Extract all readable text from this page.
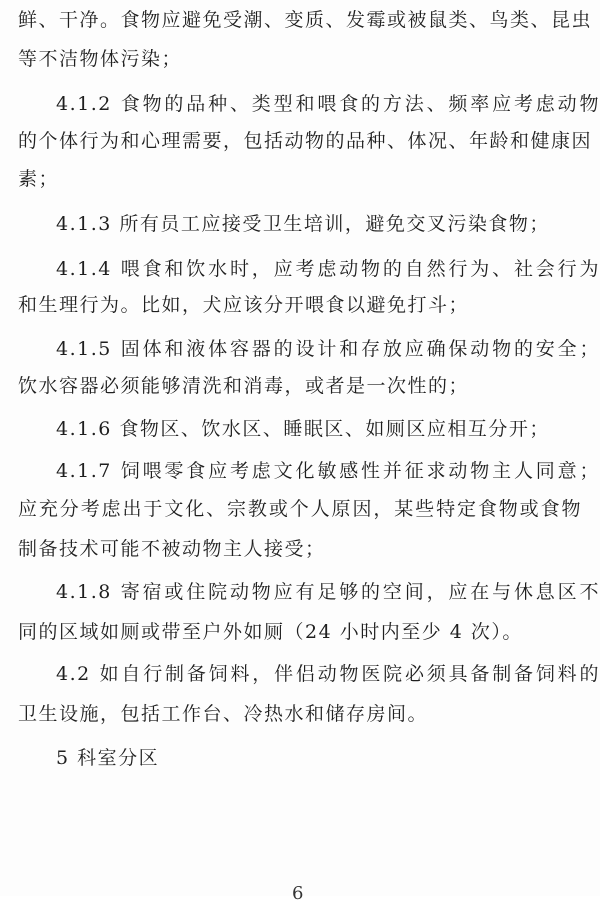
鲜、干净。食物应避免受潮、变质、发霉或被鼠类、鸟类、昆虫
等不洁物体污染；
4.1.2 食物的品种、类型和喂食的方法、频率应考虑动物
的个体行为和心理需要，包括动物的品种、体况、年龄和健康因
素；
4.1.3 所有员工应接受卫生培训，避免交叉污染食物；
4.1.4 喂食和饮水时，应考虑动物的自然行为、社会行为
和生理行为。比如，犬应该分开喂食以避免打斗；
4.1.5 固体和液体容器的设计和存放应确保动物的安全；
饮水容器必须能够清洗和消毒，或者是一次性的；
4.1.6 食物区、饮水区、睡眠区、如厕区应相互分开；
4.1.7 饲喂零食应考虑文化敏感性并征求动物主人同意；
应充分考虑出于文化、宗教或个人原因，某些特定食物或食物
制备技术可能不被动物主人接受；
4.1.8 寄宿或住院动物应有足够的空间，应在与休息区不
同的区域如厕或带至户外如厕（24 小时内至少 4 次）。
4.2 如自行制备饲料，伴侣动物医院必须具备制备饲料的
卫生设施，包括工作台、冷热水和储存房间。
5 科室分区
6
